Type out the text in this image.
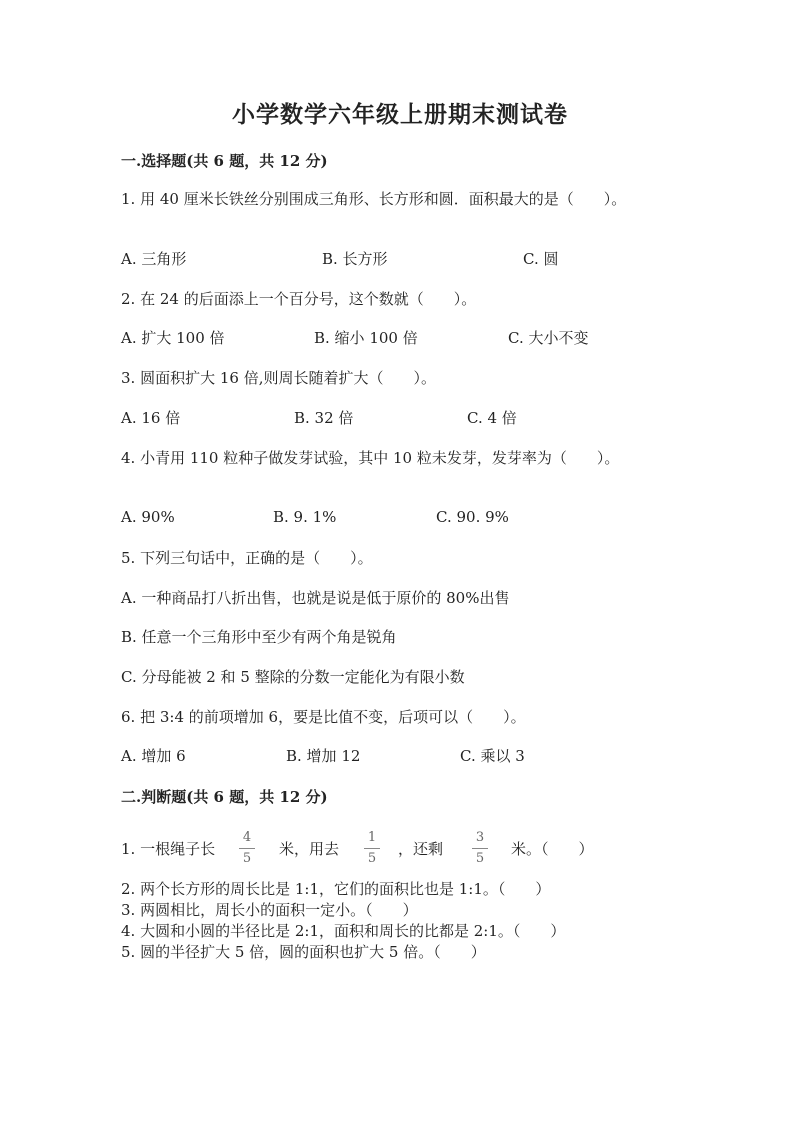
小学数学六年级上册期末测试卷
一.选择题(共 6 题，共 12 分)
1. 用 40 厘米长铁丝分别围成三角形、长方形和圆．面积最大的是（　　）。
A. 三角形	B. 长方形	C. 圆
2. 在 24 的后面添上一个百分号，这个数就（　　）。
A. 扩大 100 倍	B. 缩小 100 倍	C. 大小不变
3. 圆面积扩大 16 倍,则周长随着扩大（　　）。
A. 16 倍	B. 32 倍	C. 4 倍
4. 小青用 110 粒种子做发芽试验，其中 10 粒未发芽，发芽率为（　　）。
A. 90%	B. 9. 1%	C. 90. 9%
5. 下列三句话中，正确的是（　　）。
A. 一种商品打八折出售，也就是说是低于原价的 80%出售
B. 任意一个三角形中至少有两个角是锐角
C. 分母能被 2 和 5 整除的分数一定能化为有限小数
6. 把 3:4 的前项增加 6，要是比值不变，后项可以（　　）。
A. 增加 6	B. 增加 12	C. 乘以 3
二.判断题(共 6 题，共 12 分)
1. 一根绳子长
4
5
米，用去
1
5
，还剩
3
5
米。（　　）
2. 两个长方形的周长比是 1:1，它们的面积比也是 1:1。（　　）
3. 两圆相比，周长小的面积一定小。（　　）
4. 大圆和小圆的半径比是 2:1，面积和周长的比都是 2:1。（　　）
5. 圆的半径扩大 5 倍，圆的面积也扩大 5 倍。（　　）
